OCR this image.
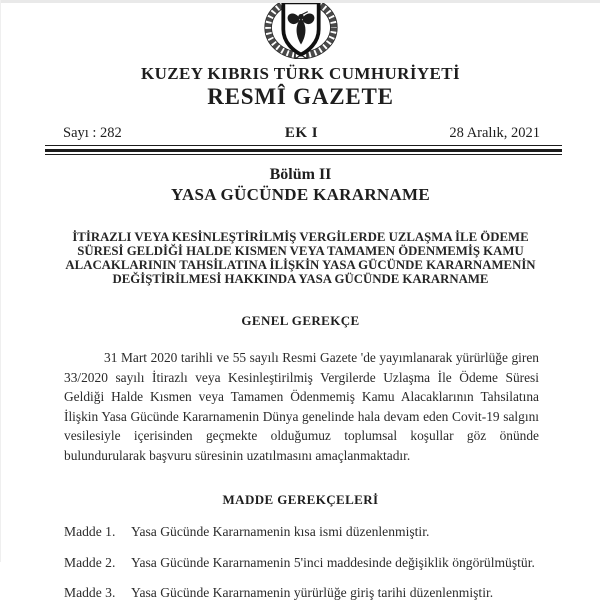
KUZEY KIBRIS TÜRK CUMHURİYETİ
RESMÎ GAZETE
Sayı : 282	EK I	28 Aralık, 2021
Bölüm II
YASA GÜCÜNDE KARARNAME
İTİRAZLI VEYA KESİNLEŞTİRİLMİŞ VERGİLERDE UZLAŞMA İLE ÖDEME
SÜRESİ GELDİĞİ HALDE KISMEN VEYA TAMAMEN ÖDENMEMİŞ KAMU
ALACAKLARININ TAHSİLATINA İLİŞKİN YASA GÜCÜNDE KARARNAMENİN
DEĞİŞTİRİLMESİ HAKKINDA YASA GÜCÜNDE KARARNAME
GENEL GEREKÇE

31 Mart 2020 tarihli ve 55 sayılı Resmi Gazete 'de yayımlanarak yürürlüğe giren 33/2020 sayılı İtirazlı veya Kesinleştirilmiş Vergilerde Uzlaşma İle Ödeme Süresi Geldiği Halde Kısmen veya Tamamen Ödenmemiş Kamu Alacaklarının Tahsilatına İlişkin Yasa Gücünde Kararnamenin Dünya genelinde hala devam eden Covit-19 salgını vesilesiyle içerisinden geçmekte olduğumuz toplumsal koşullar göz önünde bulundurularak başvuru süresinin uzatılmasını amaçlanmaktadır.

MADDE GEREKÇELERİ
Madde 1.	Yasa Gücünde Kararnamenin kısa ismi düzenlenmiştir.
Madde 2.	Yasa Gücünde Kararnamenin 5'inci maddesinde değişiklik öngörülmüştür.
Madde 3.	Yasa Gücünde Kararnamenin yürürlüğe giriş tarihi düzenlenmiştir.
